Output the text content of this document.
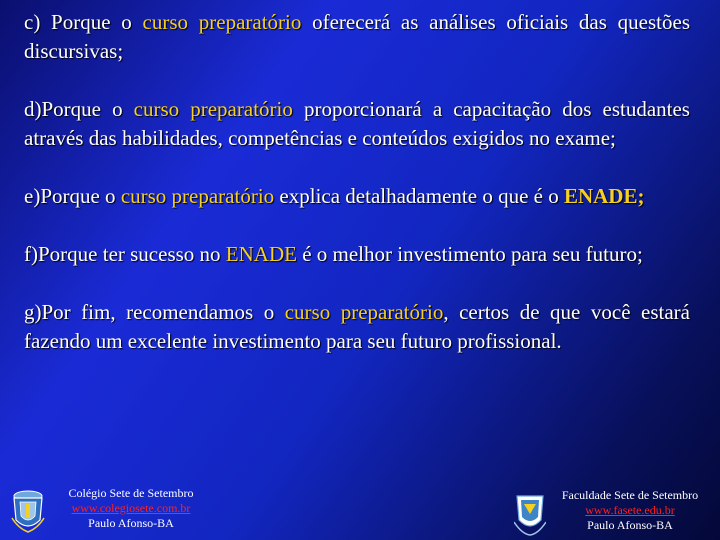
c) Porque o curso preparatório oferecerá as análises oficiais das questões discursivas;

d)Porque o curso preparatório proporcionará a capacitação dos estudantes através das habilidades, competências e conteúdos exigidos no exame;

e)Porque o curso preparatório explica detalhadamente o que é o ENADE;

f)Porque ter sucesso no ENADE é o melhor investimento para seu futuro;

g)Por fim, recomendamos o curso preparatório, certos de que você estará fazendo um excelente investimento para seu futuro profissional.

Colégio Sete de Setembro
www.colegiosete.com.br
Paulo Afonso-BA
Faculdade Sete de Setembro
www.fasete.edu.br
Paulo Afonso-BA
